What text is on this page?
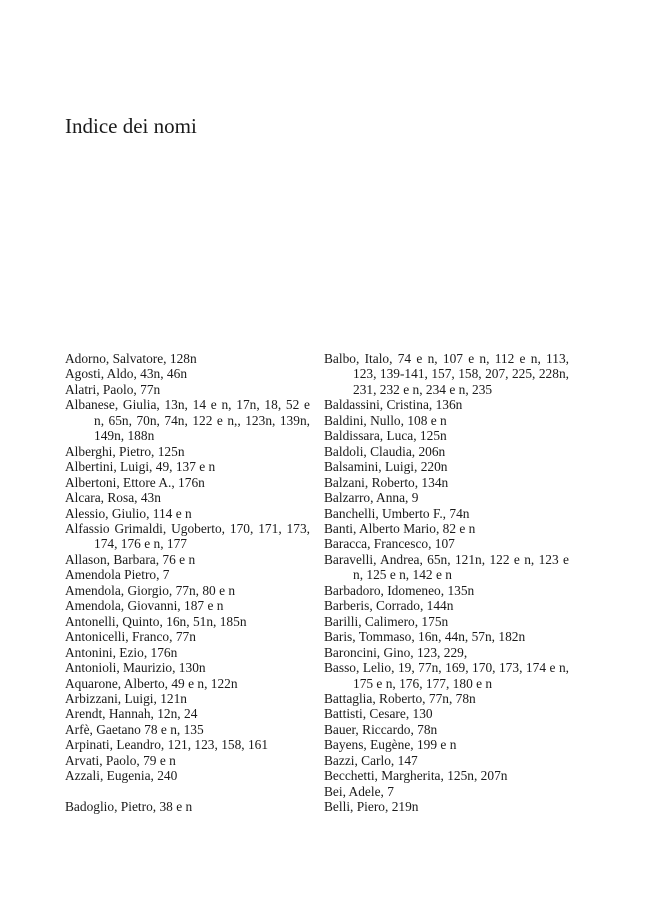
Indice dei nomi

Adorno, Salvatore, 128n

Agosti, Aldo, 43n, 46n

Alatri, Paolo, 77n

Albanese, Giulia, 13n, 14 e n, 17n, 18, 52 e n, 65n, 70n, 74n, 122 e n,, 123n, 139n, 149n, 188n

Alberghi, Pietro, 125n

Albertini, Luigi, 49, 137 e n

Albertoni, Ettore A., 176n

Alcara, Rosa, 43n

Alessio, Giulio, 114 e n

Alfassio Grimaldi, Ugoberto, 170, 171, 173, 174, 176 e n, 177

Allason, Barbara, 76 e n

Amendola Pietro, 7

Amendola, Giorgio, 77n, 80 e n

Amendola, Giovanni, 187 e n

Antonelli, Quinto, 16n, 51n, 185n

Antonicelli, Franco, 77n

Antonini, Ezio, 176n

Antonioli, Maurizio, 130n

Aquarone, Alberto, 49 e n, 122n

Arbizzani, Luigi, 121n

Arendt, Hannah, 12n, 24

Arfè, Gaetano 78 e n, 135

Arpinati, Leandro, 121, 123, 158, 161

Arvati, Paolo, 79 e n

Azzali, Eugenia, 240

Badoglio, Pietro, 38 e n

Balbo, Italo, 74 e n, 107 e n, 112 e n, 113, 123, 139-141, 157, 158, 207, 225, 228n, 231, 232 e n, 234 e n, 235

Baldassini, Cristina, 136n

Baldini, Nullo, 108 e n

Baldissara, Luca, 125n

Baldoli, Claudia, 206n

Balsamini, Luigi, 220n

Balzani, Roberto, 134n

Balzarro, Anna, 9

Banchelli, Umberto F., 74n

Banti, Alberto Mario, 82 e n

Baracca, Francesco, 107

Baravelli, Andrea, 65n, 121n, 122 e n, 123 e n, 125 e n, 142 e n

Barbadoro, Idomeneo, 135n

Barberis, Corrado, 144n

Barilli, Calimero, 175n

Baris, Tommaso, 16n, 44n, 57n, 182n

Baroncini, Gino, 123, 229,

Basso, Lelio, 19, 77n, 169, 170, 173, 174 e n, 175 e n, 176, 177, 180 e n

Battaglia, Roberto, 77n, 78n

Battisti, Cesare, 130

Bauer, Riccardo, 78n

Bayens, Eugène, 199 e n

Bazzi, Carlo, 147

Becchetti, Margherita, 125n, 207n

Bei, Adele, 7

Belli, Piero, 219n
